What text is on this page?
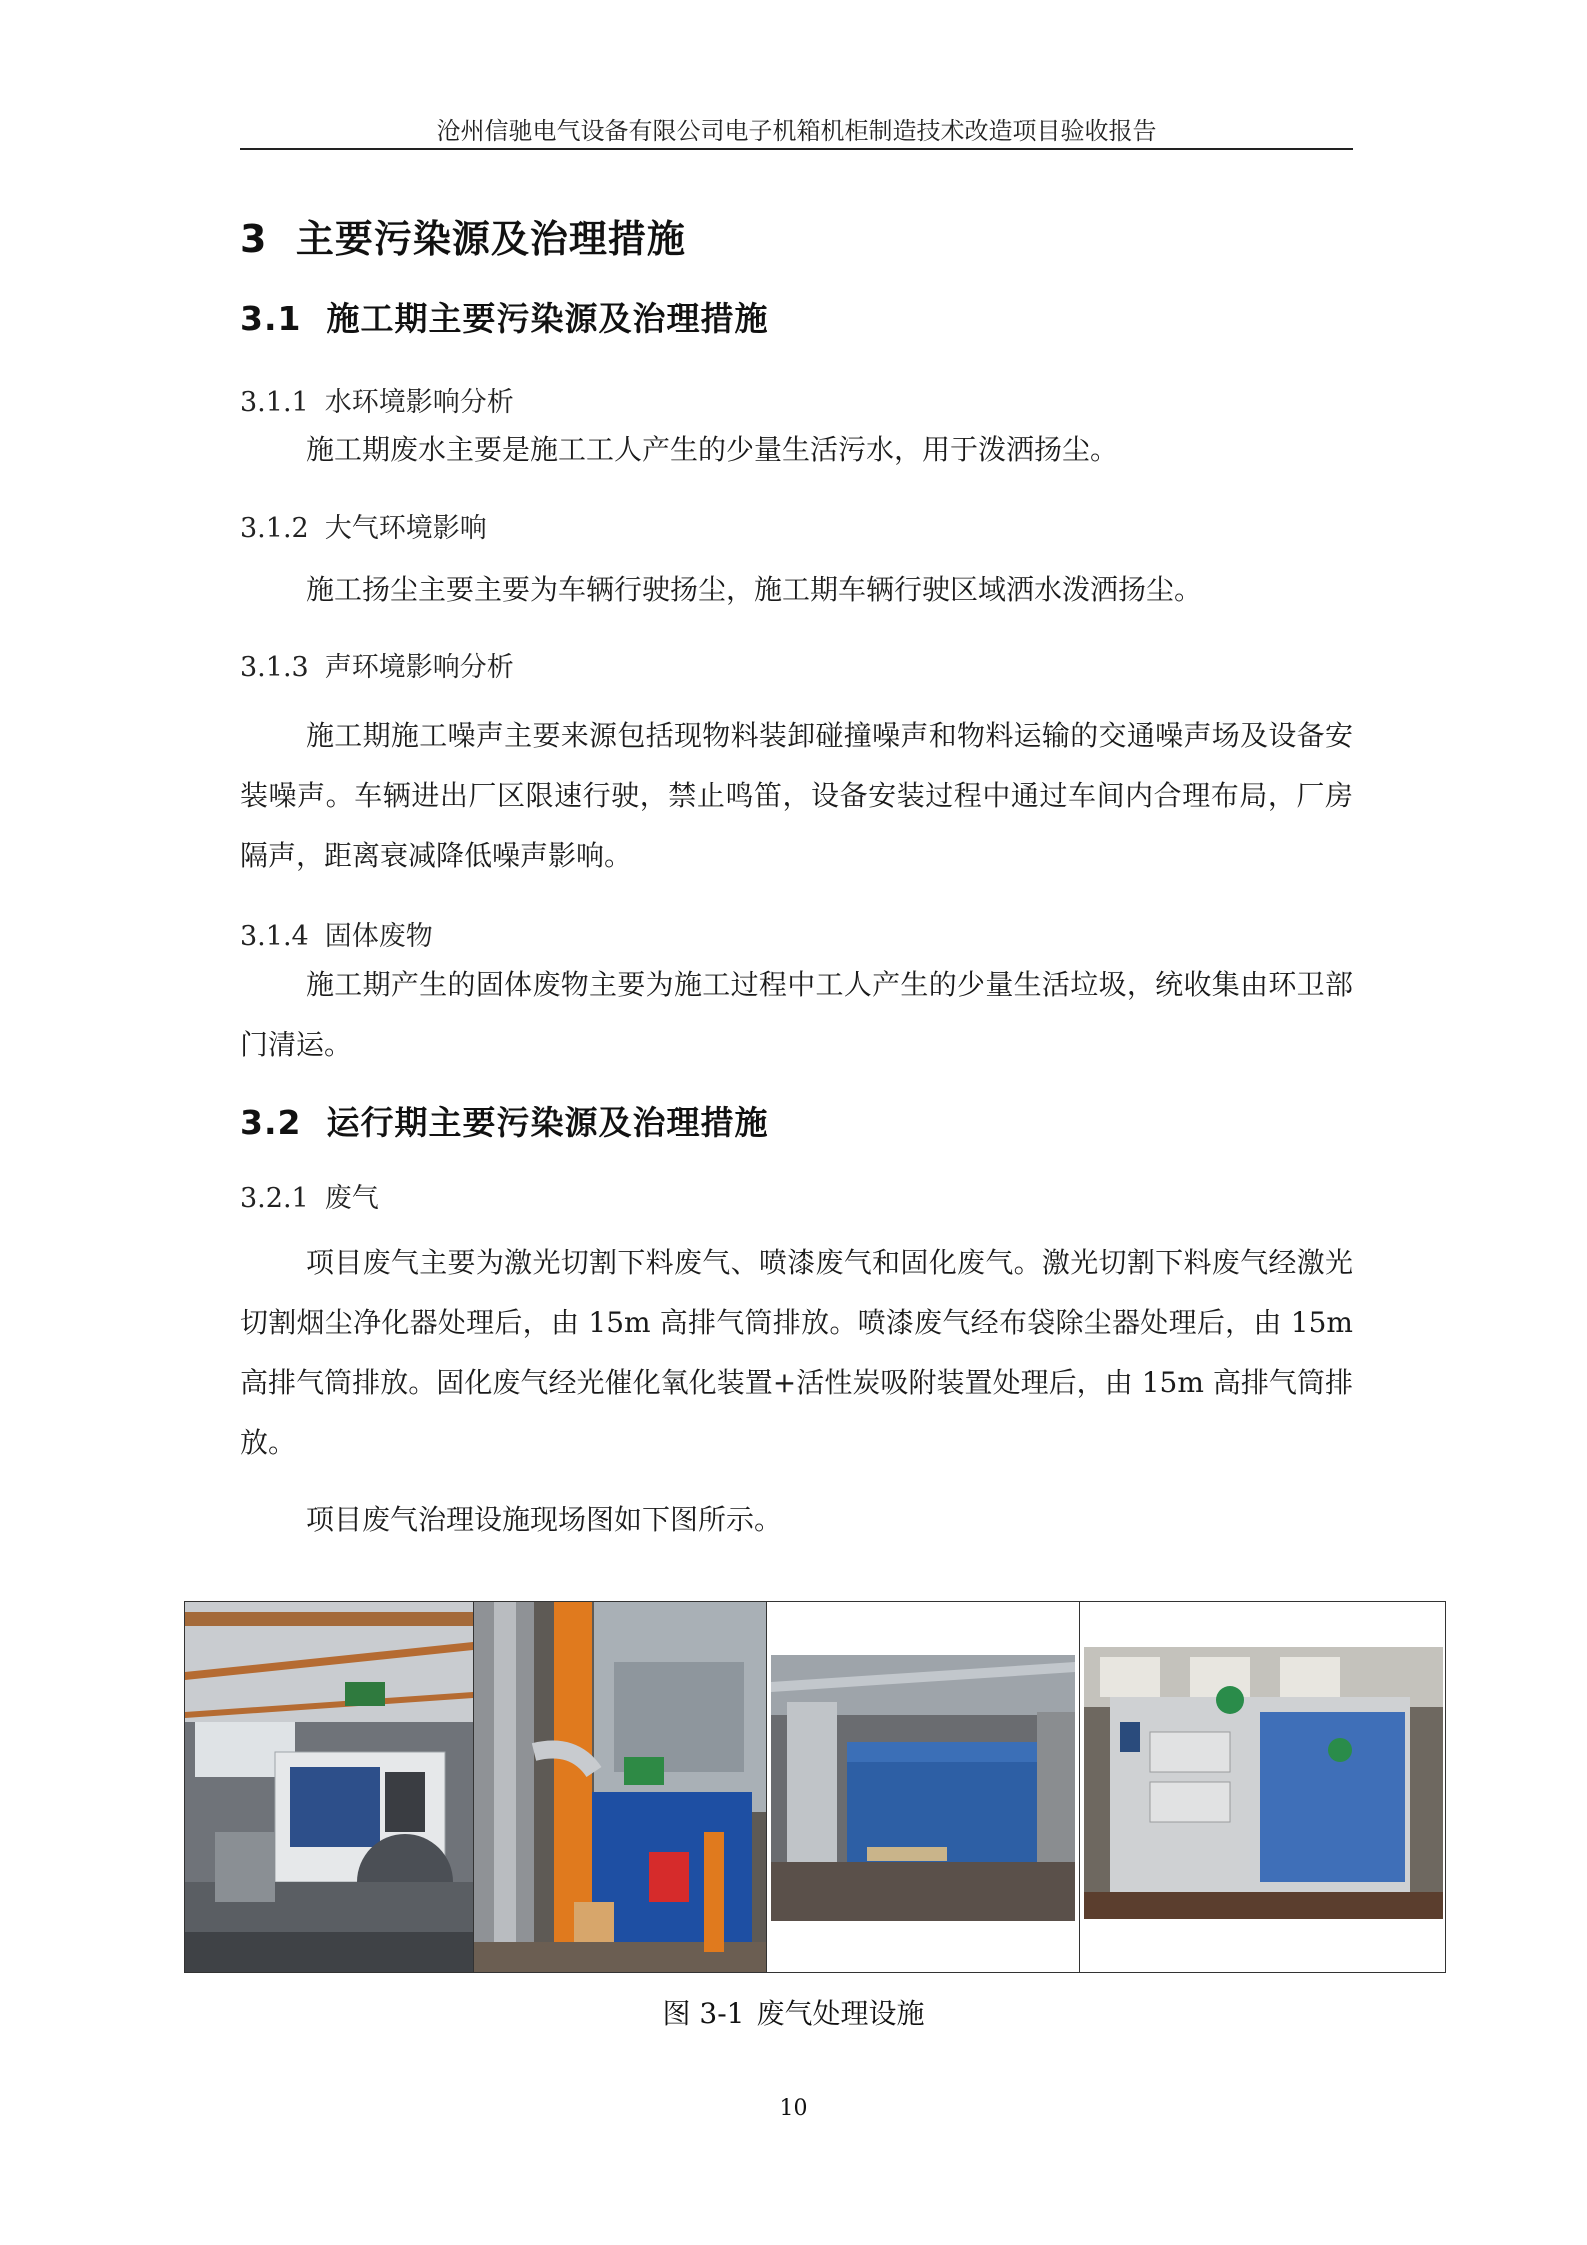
沧州信驰电气设备有限公司电子机箱机柜制造技术改造项目验收报告
3 主要污染源及治理措施
3.1 施工期主要污染源及治理措施
3.1.1 水环境影响分析

施工期废水主要是施工工人产生的少量生活污水，用于泼洒扬尘。

3.1.2 大气环境影响

施工扬尘主要主要为车辆行驶扬尘，施工期车辆行驶区域洒水泼洒扬尘。

3.1.3 声环境影响分析

施工期施工噪声主要来源包括现物料装卸碰撞噪声和物料运输的交通噪声场及设备安装噪声。车辆进出厂区限速行驶，禁止鸣笛，设备安装过程中通过车间内合理布局，厂房隔声，距离衰减降低噪声影响。

3.1.4 固体废物

施工期产生的固体废物主要为施工过程中工人产生的少量生活垃圾，统收集由环卫部门清运。

3.2 运行期主要污染源及治理措施
3.2.1 废气

项目废气主要为激光切割下料废气、喷漆废气和固化废气。激光切割下料废气经激光切割烟尘净化器处理后，由 15m 高排气筒排放。喷漆废气经布袋除尘器处理后，由 15m 高排气筒排放。固化废气经光催化氧化装置+活性炭吸附装置处理后，由 15m 高排气筒排放。

项目废气治理设施现场图如下图所示。

图 3-1 废气处理设施
10
